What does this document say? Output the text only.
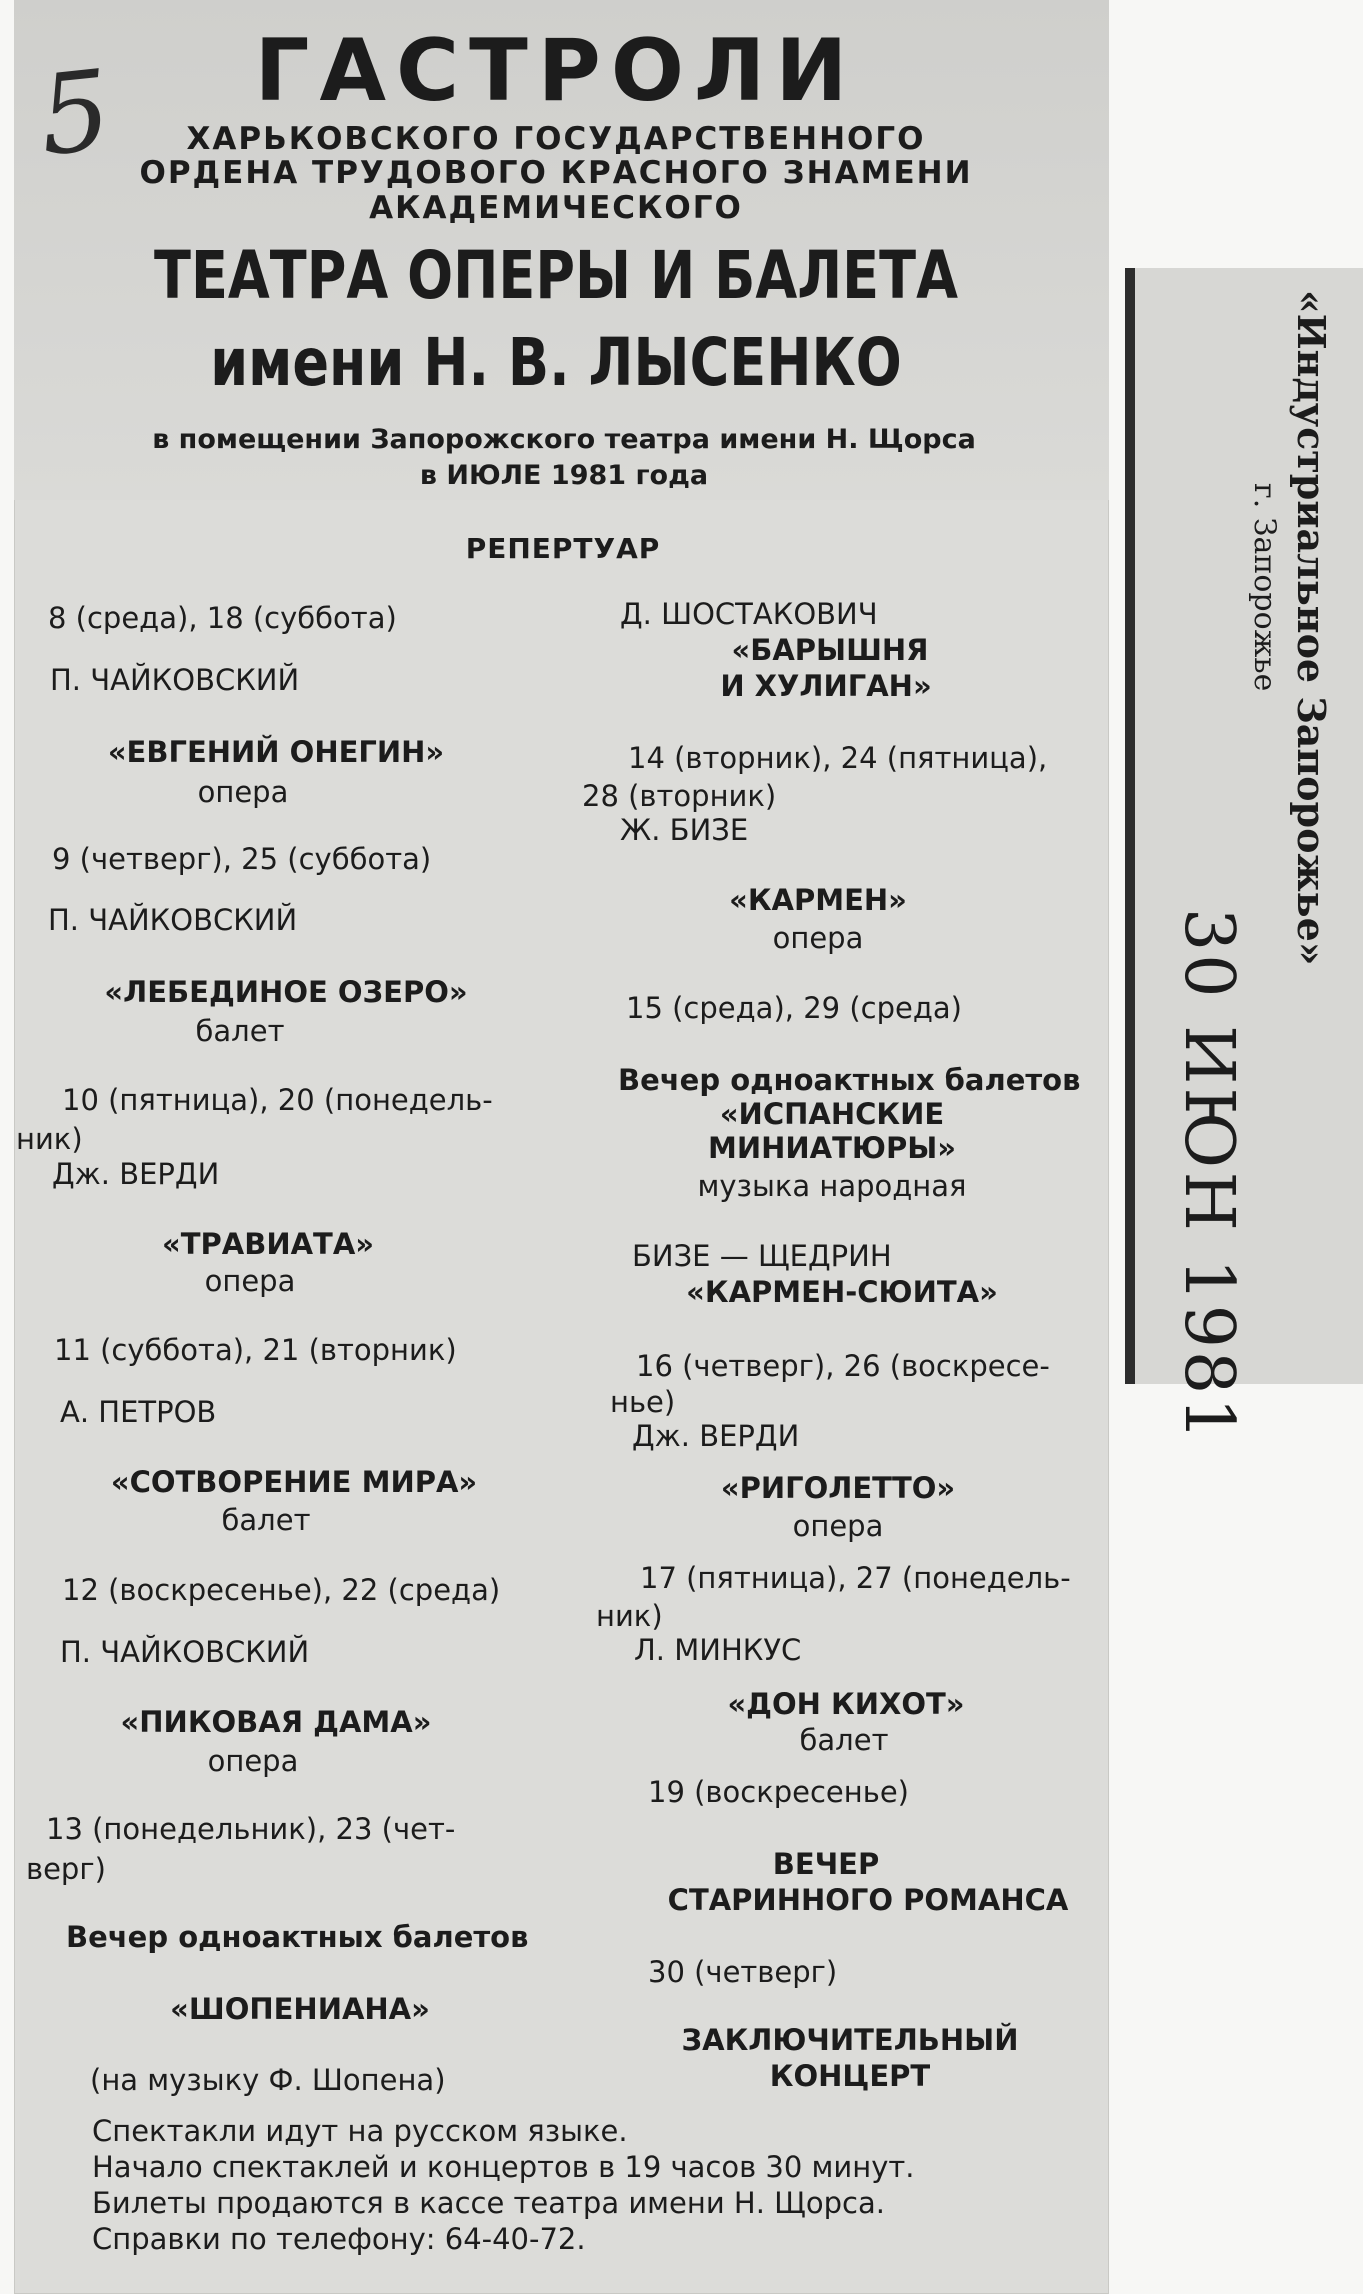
5 ГАСТРОЛИ
ХАРЬКОВСКОГО ГОСУДАРСТВЕННОГО
ОРДЕНА ТРУДОВОГО КРАСНОГО ЗНАМЕНИ
АКАДЕМИЧЕСКОГО
ТЕАТРА ОПЕРЫ И БАЛЕТА
имени Н. В. ЛЫСЕНКО
в помещении Запорожского театра имени Н. Щорса
в ИЮЛЕ 1981 года
РЕПЕРТУАР
8 (среда), 18 (суббота)
П. ЧАЙКОВСКИЙ
«ЕВГЕНИЙ ОНЕГИН»
опера
9 (четверг), 25 (суббота)
П. ЧАЙКОВСКИЙ
«ЛЕБЕДИНОЕ ОЗЕРО»
балет
10 (пятница), 20 (понедель-
ник)
Дж. ВЕРДИ
«ТРАВИАТА»
опера
11 (суббота), 21 (вторник)
А. ПЕТРОВ
«СОТВОРЕНИЕ МИРА»
балет
12 (воскресенье), 22 (среда)
П. ЧАЙКОВСКИЙ
«ПИКОВАЯ ДАМА»
опера
13 (понедельник), 23 (чет-
верг)
Вечер одноактных балетов
«ШОПЕНИАНА»
(на музыку Ф. Шопена)
Д. ШОСТАКОВИЧ
«БАРЫШНЯ
И ХУЛИГАН»
14 (вторник), 24 (пятница),
28 (вторник)
Ж. БИЗЕ
«КАРМЕН»
опера
15 (среда), 29 (среда)
Вечер одноактных балетов
«ИСПАНСКИЕ
МИНИАТЮРЫ»
музыка народная
БИЗЕ — ЩЕДРИН
«КАРМЕН-СЮИТА»
16 (четверг), 26 (воскресе-
нье)
Дж. ВЕРДИ
«РИГОЛЕТТО»
опера
17 (пятница), 27 (понедель-
ник)
Л. МИНКУС
«ДОН КИХОТ»
балет
19 (воскресенье)
ВЕЧЕР
СТАРИННОГО РОМАНСА
30 (четверг)
ЗАКЛЮЧИТЕЛЬНЫЙ
КОНЦЕРТ
Спектакли идут на русском языке.
Начало спектаклей и концертов в 19 часов 30 минут.
Билеты продаются в кассе театра имени Н. Щорса.
Справки по телефону: 64-40-72.
«Индустриальное Запорожье»
г. Запорожье
30 ИЮН 1981
